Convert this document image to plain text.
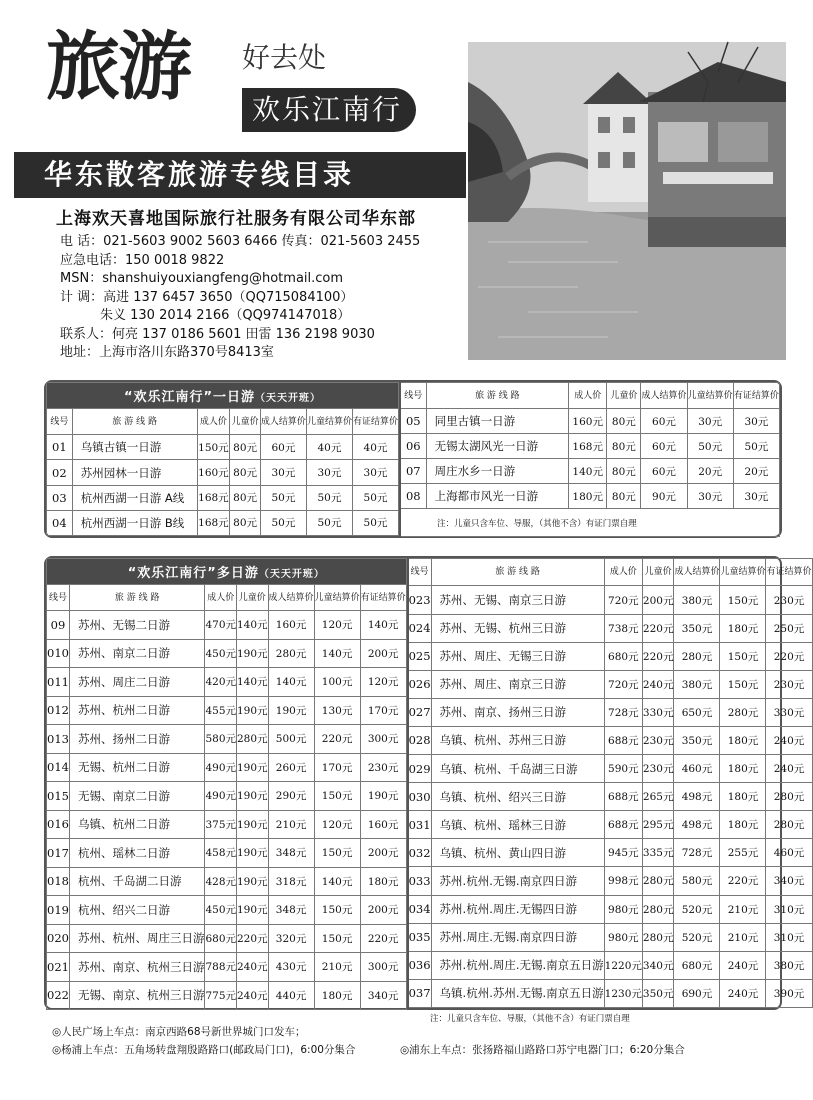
旅游 好去处
欢乐江南行
华东散客旅游专线目录
上海欢天喜地国际旅行社服务有限公司华东部
电 话：021-5603 9002 5603 6466 传真：021-5603 2455
应急电话：150 0018 9822
MSN：shanshuiyouxiangfeng@hotmail.com
计 调：高进 137 6457 3650（QQ715084100）
朱义 130 2014 2166（QQ974147018）
联系人：何亮 137 0186 5601 田雷 136 2198 9030
地址：上海市洛川东路370号8413室
“欢乐江南行”一日游（天天开班）						
线号	旅 游 线 路	成人价	儿童价	成人结算价	儿童结算价	有证结算价
01	乌镇古镇一日游	150元	80元	60元	40元	40元
02	苏州园林一日游	160元	80元	30元	30元	30元
03	杭州西湖一日游 A线	168元	80元	50元	50元	50元
04	杭州西湖一日游 B线	168元	80元	50元	50元	50元
线号	旅 游 线 路	成人价	儿童价	成人结算价	儿童结算价	有证结算价
05	同里古镇一日游	160元	80元	60元	30元	30元
06	无锡太湖风光一日游	168元	80元	60元	50元	50元
07	周庄水乡一日游	140元	80元	60元	20元	20元
08	上海都市风光一日游	180元	80元	90元	30元	30元
注：儿童只含车位、导服，（其他不含）有证门票自理						
“欢乐江南行”多日游（天天开班）						
线号	旅 游 线 路	成人价	儿童价	成人结算价	儿童结算价	有证结算价
09	苏州、无锡二日游	470元	140元	160元	120元	140元
010	苏州、南京二日游	450元	190元	280元	140元	200元
011	苏州、周庄二日游	420元	140元	140元	100元	120元
012	苏州、杭州二日游	455元	190元	190元	130元	170元
013	苏州、扬州二日游	580元	280元	500元	220元	300元
014	无锡、杭州二日游	490元	190元	260元	170元	230元
015	无锡、南京二日游	490元	190元	290元	150元	190元
016	乌镇、杭州二日游	375元	190元	210元	120元	160元
017	杭州、瑶林二日游	458元	190元	348元	150元	200元
018	杭州、千岛湖二日游	428元	190元	318元	140元	180元
019	杭州、绍兴二日游	450元	190元	348元	150元	200元
020	苏州、杭州、周庄三日游	680元	220元	320元	150元	220元
021	苏州、南京、杭州三日游	788元	240元	430元	210元	300元
022	无锡、南京、杭州三日游	775元	240元	440元	180元	340元
线号	旅 游 线 路	成人价	儿童价	成人结算价	儿童结算价	有证结算价
023	苏州、无锡、南京三日游	720元	200元	380元	150元	230元
024	苏州、无锡、杭州三日游	738元	220元	350元	180元	250元
025	苏州、周庄、无锡三日游	680元	220元	280元	150元	220元
026	苏州、周庄、南京三日游	720元	240元	380元	150元	230元
027	苏州、南京、扬州三日游	728元	330元	650元	280元	330元
028	乌镇、杭州、苏州三日游	688元	230元	350元	180元	240元
029	乌镇、杭州、千岛湖三日游	590元	230元	460元	180元	240元
030	乌镇、杭州、绍兴三日游	688元	265元	498元	180元	280元
031	乌镇、杭州、瑶林三日游	688元	295元	498元	180元	280元
032	乌镇、杭州、黄山四日游	945元	335元	728元	255元	460元
033	苏州.杭州.无锡.南京四日游	998元	280元	580元	220元	340元
034	苏州.杭州.周庄.无锡四日游	980元	280元	520元	210元	310元
035	苏州.周庄.无锡.南京四日游	980元	280元	520元	210元	310元
036	苏州.杭州.周庄.无锡.南京五日游	1220元	340元	680元	240元	380元
037	乌镇.杭州.苏州.无锡.南京五日游	1230元	350元	690元	240元	390元
注：儿童只含车位、导服，（其他不含）有证门票自理
◎人民广场上车点：南京西路68号新世界城门口发车；
◎杨浦上车点：五角场转盘翔殷路路口(邮政局门口)，6:00分集合	◎浦东上车点：张扬路福山路路口苏宁电器门口；6:20分集合
